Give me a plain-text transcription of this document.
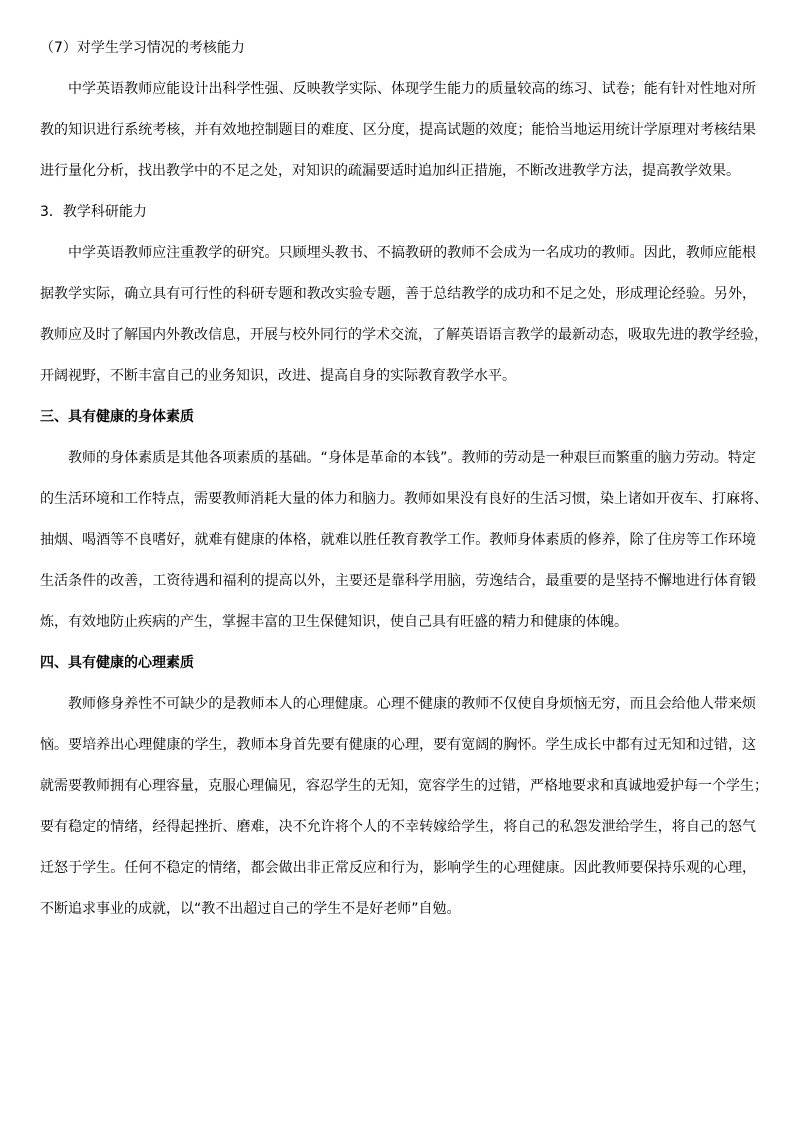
（7）对学生学习情况的考核能力
中学英语教师应能设计出科学性强、反映教学实际、体现学生能力的质量较高的练习、试卷；能有针对性地对所
教的知识进行系统考核，并有效地控制题目的难度、区分度，提高试题的效度；能恰当地运用统计学原理对考核结果
进行量化分析，找出教学中的不足之处，对知识的疏漏要适时追加纠正措施，不断改进教学方法，提高教学效果。
3．教学科研能力
中学英语教师应注重教学的研究。只顾埋头教书、不搞教研的教师不会成为一名成功的教师。因此，教师应能根
据教学实际，确立具有可行性的科研专题和教改实验专题，善于总结教学的成功和不足之处，形成理论经验。另外，
教师应及时了解国内外教改信息，开展与校外同行的学术交流，了解英语语言教学的最新动态，吸取先进的教学经验，
开阔视野，不断丰富自己的业务知识，改进、提高自身的实际教育教学水平。
三、具有健康的身体素质
教师的身体素质是其他各项素质的基础。“身体是革命的本钱”。教师的劳动是一种艰巨而繁重的脑力劳动。特定
的生活环境和工作特点，需要教师消耗大量的体力和脑力。教师如果没有良好的生活习惯，染上诸如开夜车、打麻将、
抽烟、喝酒等不良嗜好，就难有健康的体格，就难以胜任教育教学工作。教师身体素质的修养，除了住房等工作环境
生活条件的改善，工资待遇和福利的提高以外，主要还是靠科学用脑，劳逸结合，最重要的是坚持不懈地进行体育锻
炼，有效地防止疾病的产生，掌握丰富的卫生保健知识，使自己具有旺盛的精力和健康的体魄。
四、具有健康的心理素质
教师修身养性不可缺少的是教师本人的心理健康。心理不健康的教师不仅使自身烦恼无穷，而且会给他人带来烦
恼。要培养出心理健康的学生，教师本身首先要有健康的心理，要有宽阔的胸怀。学生成长中都有过无知和过错，这
就需要教师拥有心理容量，克服心理偏见，容忍学生的无知，宽容学生的过错，严格地要求和真诚地爱护每一个学生；
要有稳定的情绪，经得起挫折、磨难，决不允许将个人的不幸转嫁给学生，将自己的私怨发泄给学生，将自己的怒气
迁怒于学生。任何不稳定的情绪，都会做出非正常反应和行为，影响学生的心理健康。因此教师要保持乐观的心理，
不断追求事业的成就，以“教不出超过自己的学生不是好老师”自勉。
